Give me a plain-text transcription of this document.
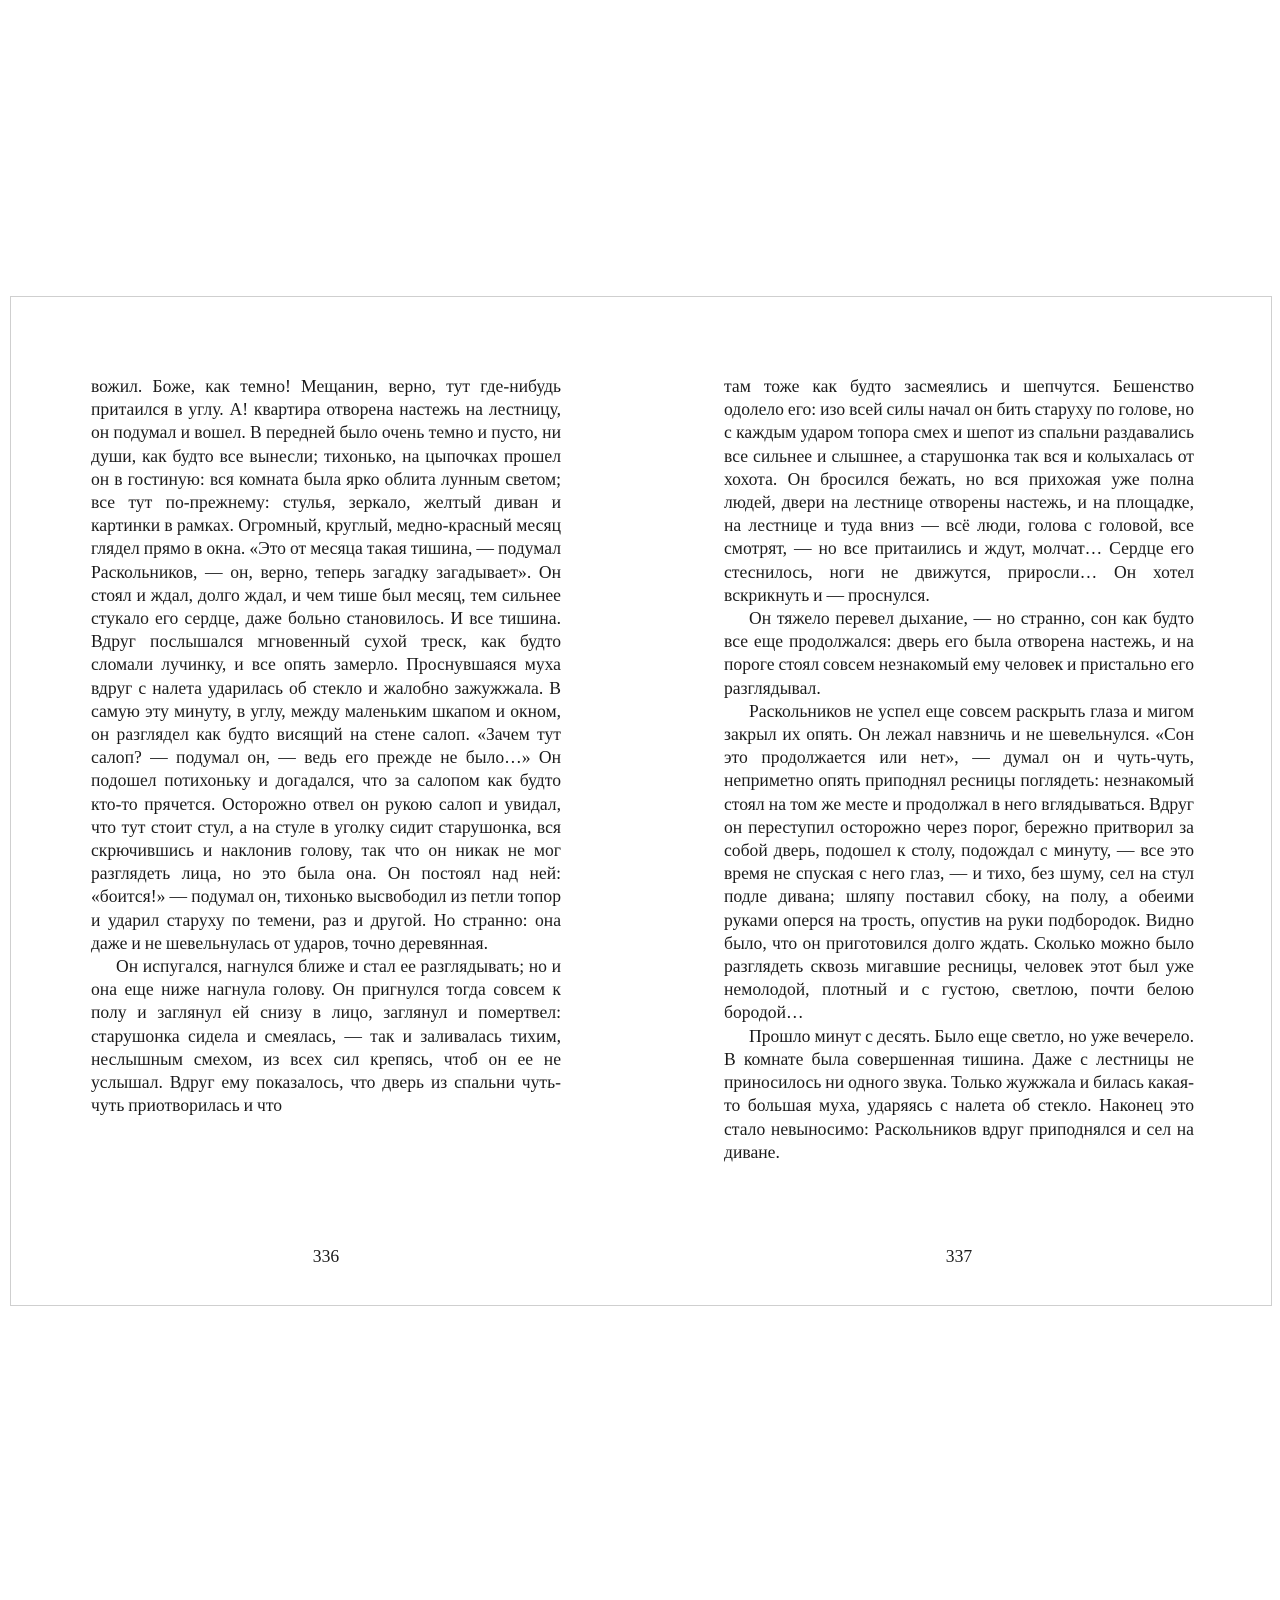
вожил. Боже, как темно! Мещанин, верно, тут где-нибудь притаился в углу. А! квартира отворена настежь на лестницу, он подумал и вошел. В передней было очень темно и пусто, ни души, как будто все вынесли; тихонько, на цыпочках прошел он в гостиную: вся комната была ярко облита лунным светом; все тут по-прежнему: стулья, зеркало, желтый диван и картинки в рамках. Огромный, круглый, медно-красный месяц глядел прямо в окна. «Это от месяца такая тишина, — подумал Раскольников, — он, верно, теперь загадку загадывает». Он стоял и ждал, долго ждал, и чем тише был месяц, тем сильнее стукало его сердце, даже больно становилось. И все тишина. Вдруг послышался мгновенный сухой треск, как будто сломали лучинку, и все опять замерло. Проснувшаяся муха вдруг с налета ударилась об стекло и жалобно зажужжала. В самую эту минуту, в углу, между маленьким шкапом и окном, он разглядел как будто висящий на стене салоп. «Зачем тут салоп? — подумал он, — ведь его прежде не было…» Он подошел потихоньку и догадался, что за салопом как будто кто-то прячется. Осторожно отвел он рукою салоп и увидал, что тут стоит стул, а на стуле в уголку сидит старушонка, вся скрючившись и наклонив голову, так что он никак не мог разглядеть лица, но это была она. Он постоял над ней: «боится!» — подумал он, тихонько высвободил из петли топор и ударил старуху по темени, раз и другой. Но странно: она даже и не шевельнулась от ударов, точно деревянная.

Он испугался, нагнулся ближе и стал ее разглядывать; но и она еще ниже нагнула голову. Он пригнулся тогда совсем к полу и заглянул ей снизу в лицо, заглянул и помертвел: старушонка сидела и смеялась, — так и заливалась тихим, неслышным смехом, из всех сил крепясь, чтоб он ее не услышал. Вдруг ему показалось, что дверь из спальни чуть-чуть приотворилась и что

336

там тоже как будто засмеялись и шепчутся. Бешенство одолело его: изо всей силы начал он бить старуху по голове, но с каждым ударом топора смех и шепот из спальни раздавались все сильнее и слышнее, а старушонка так вся и колыхалась от хохота. Он бросился бежать, но вся прихожая уже полна людей, двери на лестнице отворены настежь, и на площадке, на лестнице и туда вниз — всё люди, голова с головой, все смотрят, — но все притаились и ждут, молчат… Сердце его стеснилось, ноги не движутся, приросли… Он хотел вскрикнуть и — проснулся.

Он тяжело перевел дыхание, — но странно, сон как будто все еще продолжался: дверь его была отворена настежь, и на пороге стоял совсем незнакомый ему человек и пристально его разглядывал.

Раскольников не успел еще совсем раскрыть глаза и мигом закрыл их опять. Он лежал навзничь и не шевельнулся. «Сон это продолжается или нет», — думал он и чуть-чуть, неприметно опять приподнял ресницы поглядеть: незнакомый стоял на том же месте и продолжал в него вглядываться. Вдруг он переступил осторожно через порог, бережно притворил за собой дверь, подошел к столу, подождал с минуту, — все это время не спуская с него глаз, — и тихо, без шуму, сел на стул подле дивана; шляпу поставил сбоку, на полу, а обеими руками оперся на трость, опустив на руки подбородок. Видно было, что он приготовился долго ждать. Сколько можно было разглядеть сквозь мигавшие ресницы, человек этот был уже немолодой, плотный и с густою, светлою, почти белою бородой…

Прошло минут с десять. Было еще светло, но уже вечерело. В комнате была совершенная тишина. Даже с лестницы не приносилось ни одного звука. Только жужжала и билась какая-то большая муха, ударяясь с налета об стекло. Наконец это стало невыносимо: Раскольников вдруг приподнялся и сел на диване.

337
